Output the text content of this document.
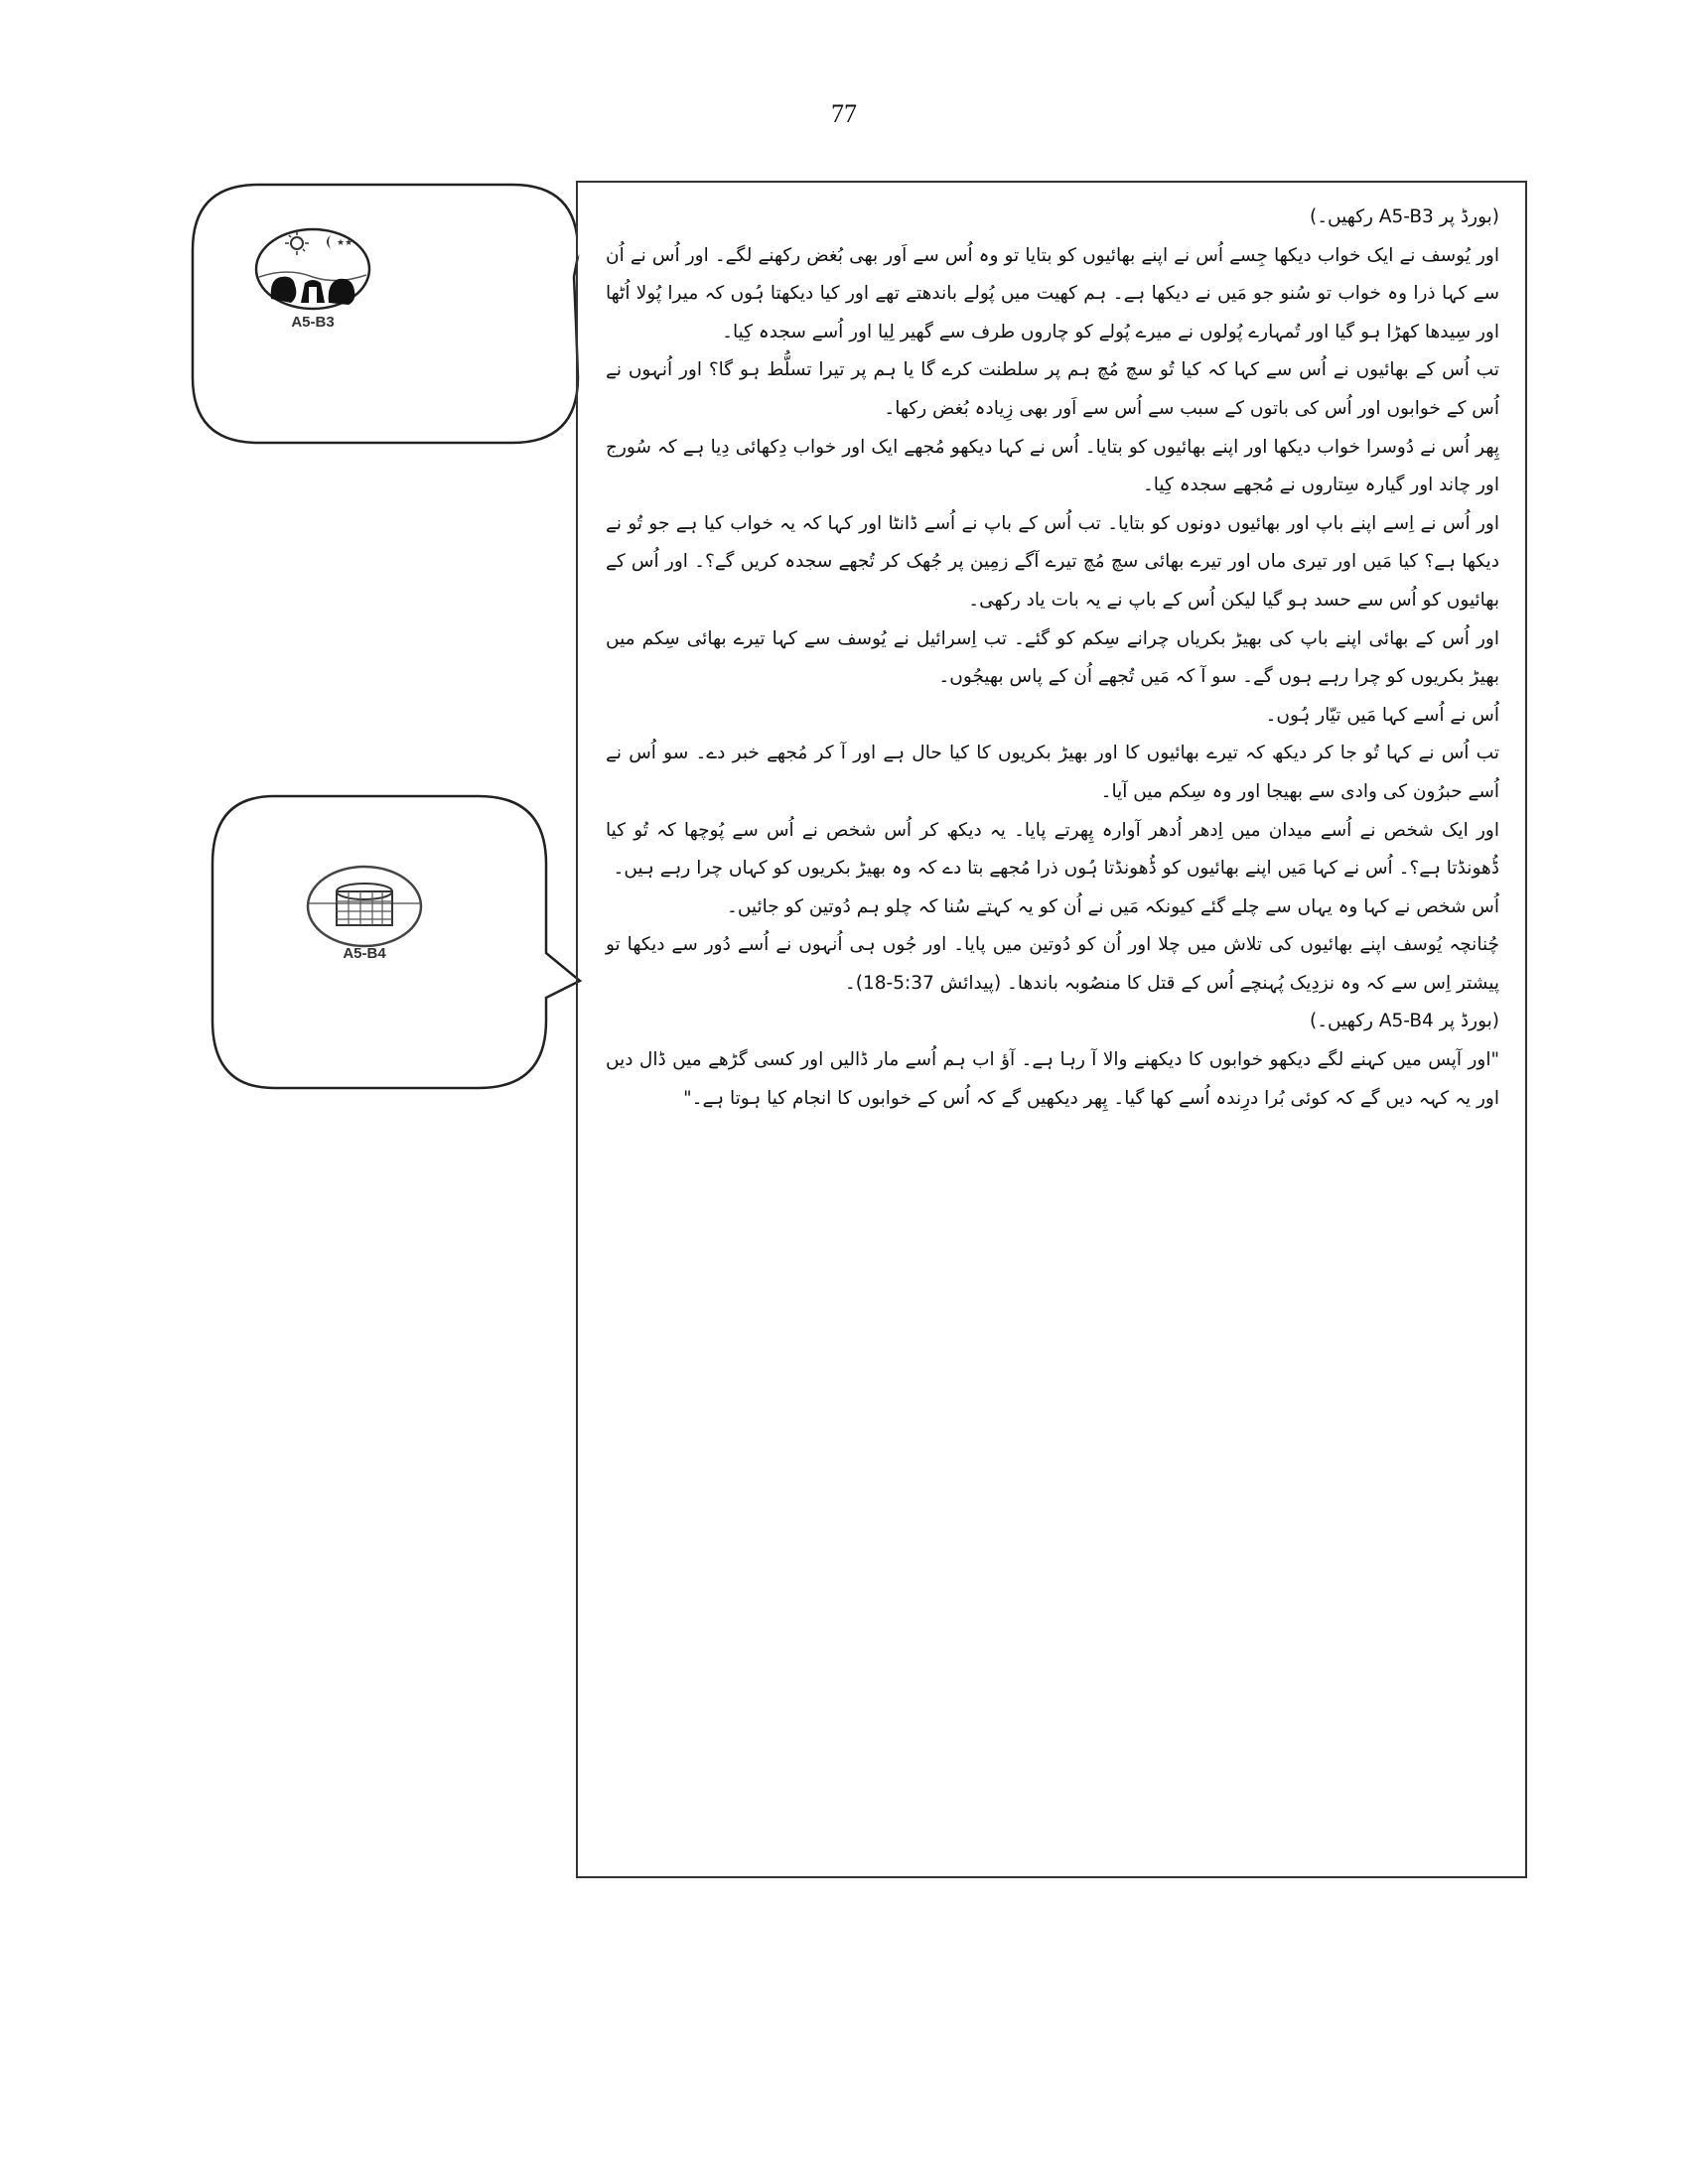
77
★★
A5-B3
A5-B4

(بورڈ پر A5-B3 رکھیں۔)

اور یُوسف نے ایک خواب دیکھا جِسے اُس نے اپنے بھائیوں کو بتایا تو وہ اُس سے اَور بھی بُغض رکھنے لگے۔ اور اُس نے اُن سے کہا ذرا وہ خواب تو سُنو جو مَیں نے دیکھا ہے۔ ہم کھیت میں پُولے باندھتے تھے اور کیا دیکھتا ہُوں کہ میرا پُولا اُٹھا اور سِیدھا کھڑا ہو گیا اور تُمہارے پُولوں نے میرے پُولے کو چاروں طرف سے گھیر لِیا اور اُسے سجدہ کِیا۔

تب اُس کے بھائیوں نے اُس سے کہا کہ کیا تُو سچ مُچ ہم پر سلطنت کرے گا یا ہم پر تیرا تسلُّط ہو گا؟ اور اُنہوں نے اُس کے خوابوں اور اُس کی باتوں کے سبب سے اُس سے اَور بھی زِیادہ بُغض رکھا۔

پِھر اُس نے دُوسرا خواب دیکھا اور اپنے بھائیوں کو بتایا۔ اُس نے کہا دیکھو مُجھے ایک اور خواب دِکھائی دِیا ہے کہ سُورج اور چاند اور گیارہ سِتاروں نے مُجھے سجدہ کِیا۔

اور اُس نے اِسے اپنے باپ اور بھائیوں دونوں کو بتایا۔ تب اُس کے باپ نے اُسے ڈانٹا اور کہا کہ یہ خواب کیا ہے جو تُو نے دیکھا ہے؟ کیا مَیں اور تیری ماں اور تیرے بھائی سچ مُچ تیرے آگے زمِین پر جُھک کر تُجھے سجدہ کریں گے؟۔ اور اُس کے بھائیوں کو اُس سے حسد ہو گیا لیکن اُس کے باپ نے یہ بات یاد رکھی۔

اور اُس کے بھائی اپنے باپ کی بھیڑ بکریاں چرانے سِکم کو گئے۔ تب اِسرائیل نے یُوسف سے کہا تیرے بھائی سِکم میں بھیڑ بکریوں کو چرا رہے ہوں گے۔ سو آ کہ مَیں تُجھے اُن کے پاس بھیجُوں۔

اُس نے اُسے کہا مَیں تیّار ہُوں۔

تب اُس نے کہا تُو جا کر دیکھ کہ تیرے بھائیوں کا اور بھیڑ بکریوں کا کیا حال ہے اور آ کر مُجھے خبر دے۔ سو اُس نے اُسے حبرُون کی وادی سے بھیجا اور وہ سِکم میں آیا۔

اور ایک شخص نے اُسے میدان میں اِدھر اُدھر آوارہ پِھرتے پایا۔ یہ دیکھ کر اُس شخص نے اُس سے پُوچھا کہ تُو کیا ڈُھونڈتا ہے؟۔ اُس نے کہا مَیں اپنے بھائیوں کو ڈُھونڈتا ہُوں ذرا مُجھے بتا دے کہ وہ بھیڑ بکریوں کو کہاں چرا رہے ہیں۔

اُس شخص نے کہا وہ یہاں سے چلے گئے کیونکہ مَیں نے اُن کو یہ کہتے سُنا کہ چلو ہم دُوتین کو جائیں۔

چُنانچہ یُوسف اپنے بھائیوں کی تلاش میں چلا اور اُن کو دُوتین میں پایا۔ اور جُوں ہی اُنہوں نے اُسے دُور سے دیکھا تو پیشتر اِس سے کہ وہ نزدِیک پُہنچے اُس کے قتل کا منصُوبہ باندھا۔ (پیدائش 5:37-18)۔

(بورڈ پر A5-B4 رکھیں۔)

"اور آپس میں کہنے لگے دیکھو خوابوں کا دیکھنے والا آ رہا ہے۔ آؤ اب ہم اُسے مار ڈالیں اور کسی گڑھے میں ڈال دیں اور یہ کہہ دیں گے کہ کوئی بُرا درِندہ اُسے کھا گیا۔ پِھر دیکھیں گے کہ اُس کے خوابوں کا انجام کیا ہوتا ہے۔"
